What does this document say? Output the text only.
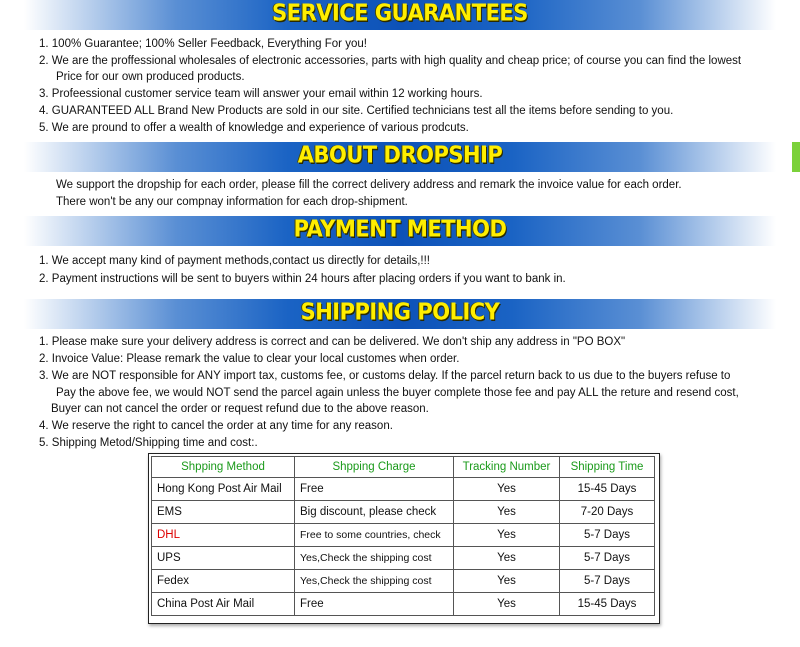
SERVICE GUARANTEES
1. 100% Guarantee; 100% Seller Feedback, Everything For you!
2. We are the proffessional wholesales of electronic accessories, parts with high quality and cheap price; of course you can find the lowest
Price for our own produced products.
3. Profeessional customer service team will answer your email within 12 working hours.
4. GUARANTEED ALL Brand New Products are sold in our site. Certified technicians test all the items before sending to you.
5. We are pround to offer a wealth of knowledge and experience of various prodcuts.
ABOUT DROPSHIP
We support the dropship for each order, please fill the correct delivery address and remark the invoice value for each order.
There won't be any our compnay information for each drop-shipment.
PAYMENT METHOD
1. We accept many kind of payment methods,contact us directly for details,!!!
2. Payment instructions will be sent to buyers within 24 hours after placing orders if you want to bank in.
SHIPPING POLICY
1. Please make sure your delivery address is correct and can be delivered. We don't ship any address in "PO BOX"
2. Invoice Value: Please remark the value to clear your local customes when order.
3. We are NOT responsible for ANY import tax, customs fee, or customs delay. If the parcel return back to us due to the buyers refuse to
Pay the above fee, we would NOT send the parcel again unless the buyer complete those fee and pay ALL the reture and resend cost,
Buyer can not cancel the order or request refund due to the above reason.
4. We reserve the right to cancel the order at any time for any reason.
5. Shipping Metod/Shipping time and cost:.
Shpping Method	Shpping Charge	Tracking Number	Shipping Time
Hong Kong Post Air Mail	Free	Yes	15-45 Days
EMS	Big discount, please check	Yes	7-20 Days
DHL	Free to some countries, check	Yes	5-7 Days
UPS	Yes,Check the shipping cost	Yes	5-7 Days
Fedex	Yes,Check the shipping cost	Yes	5-7 Days
China Post Air Mail	Free	Yes	15-45 Days
